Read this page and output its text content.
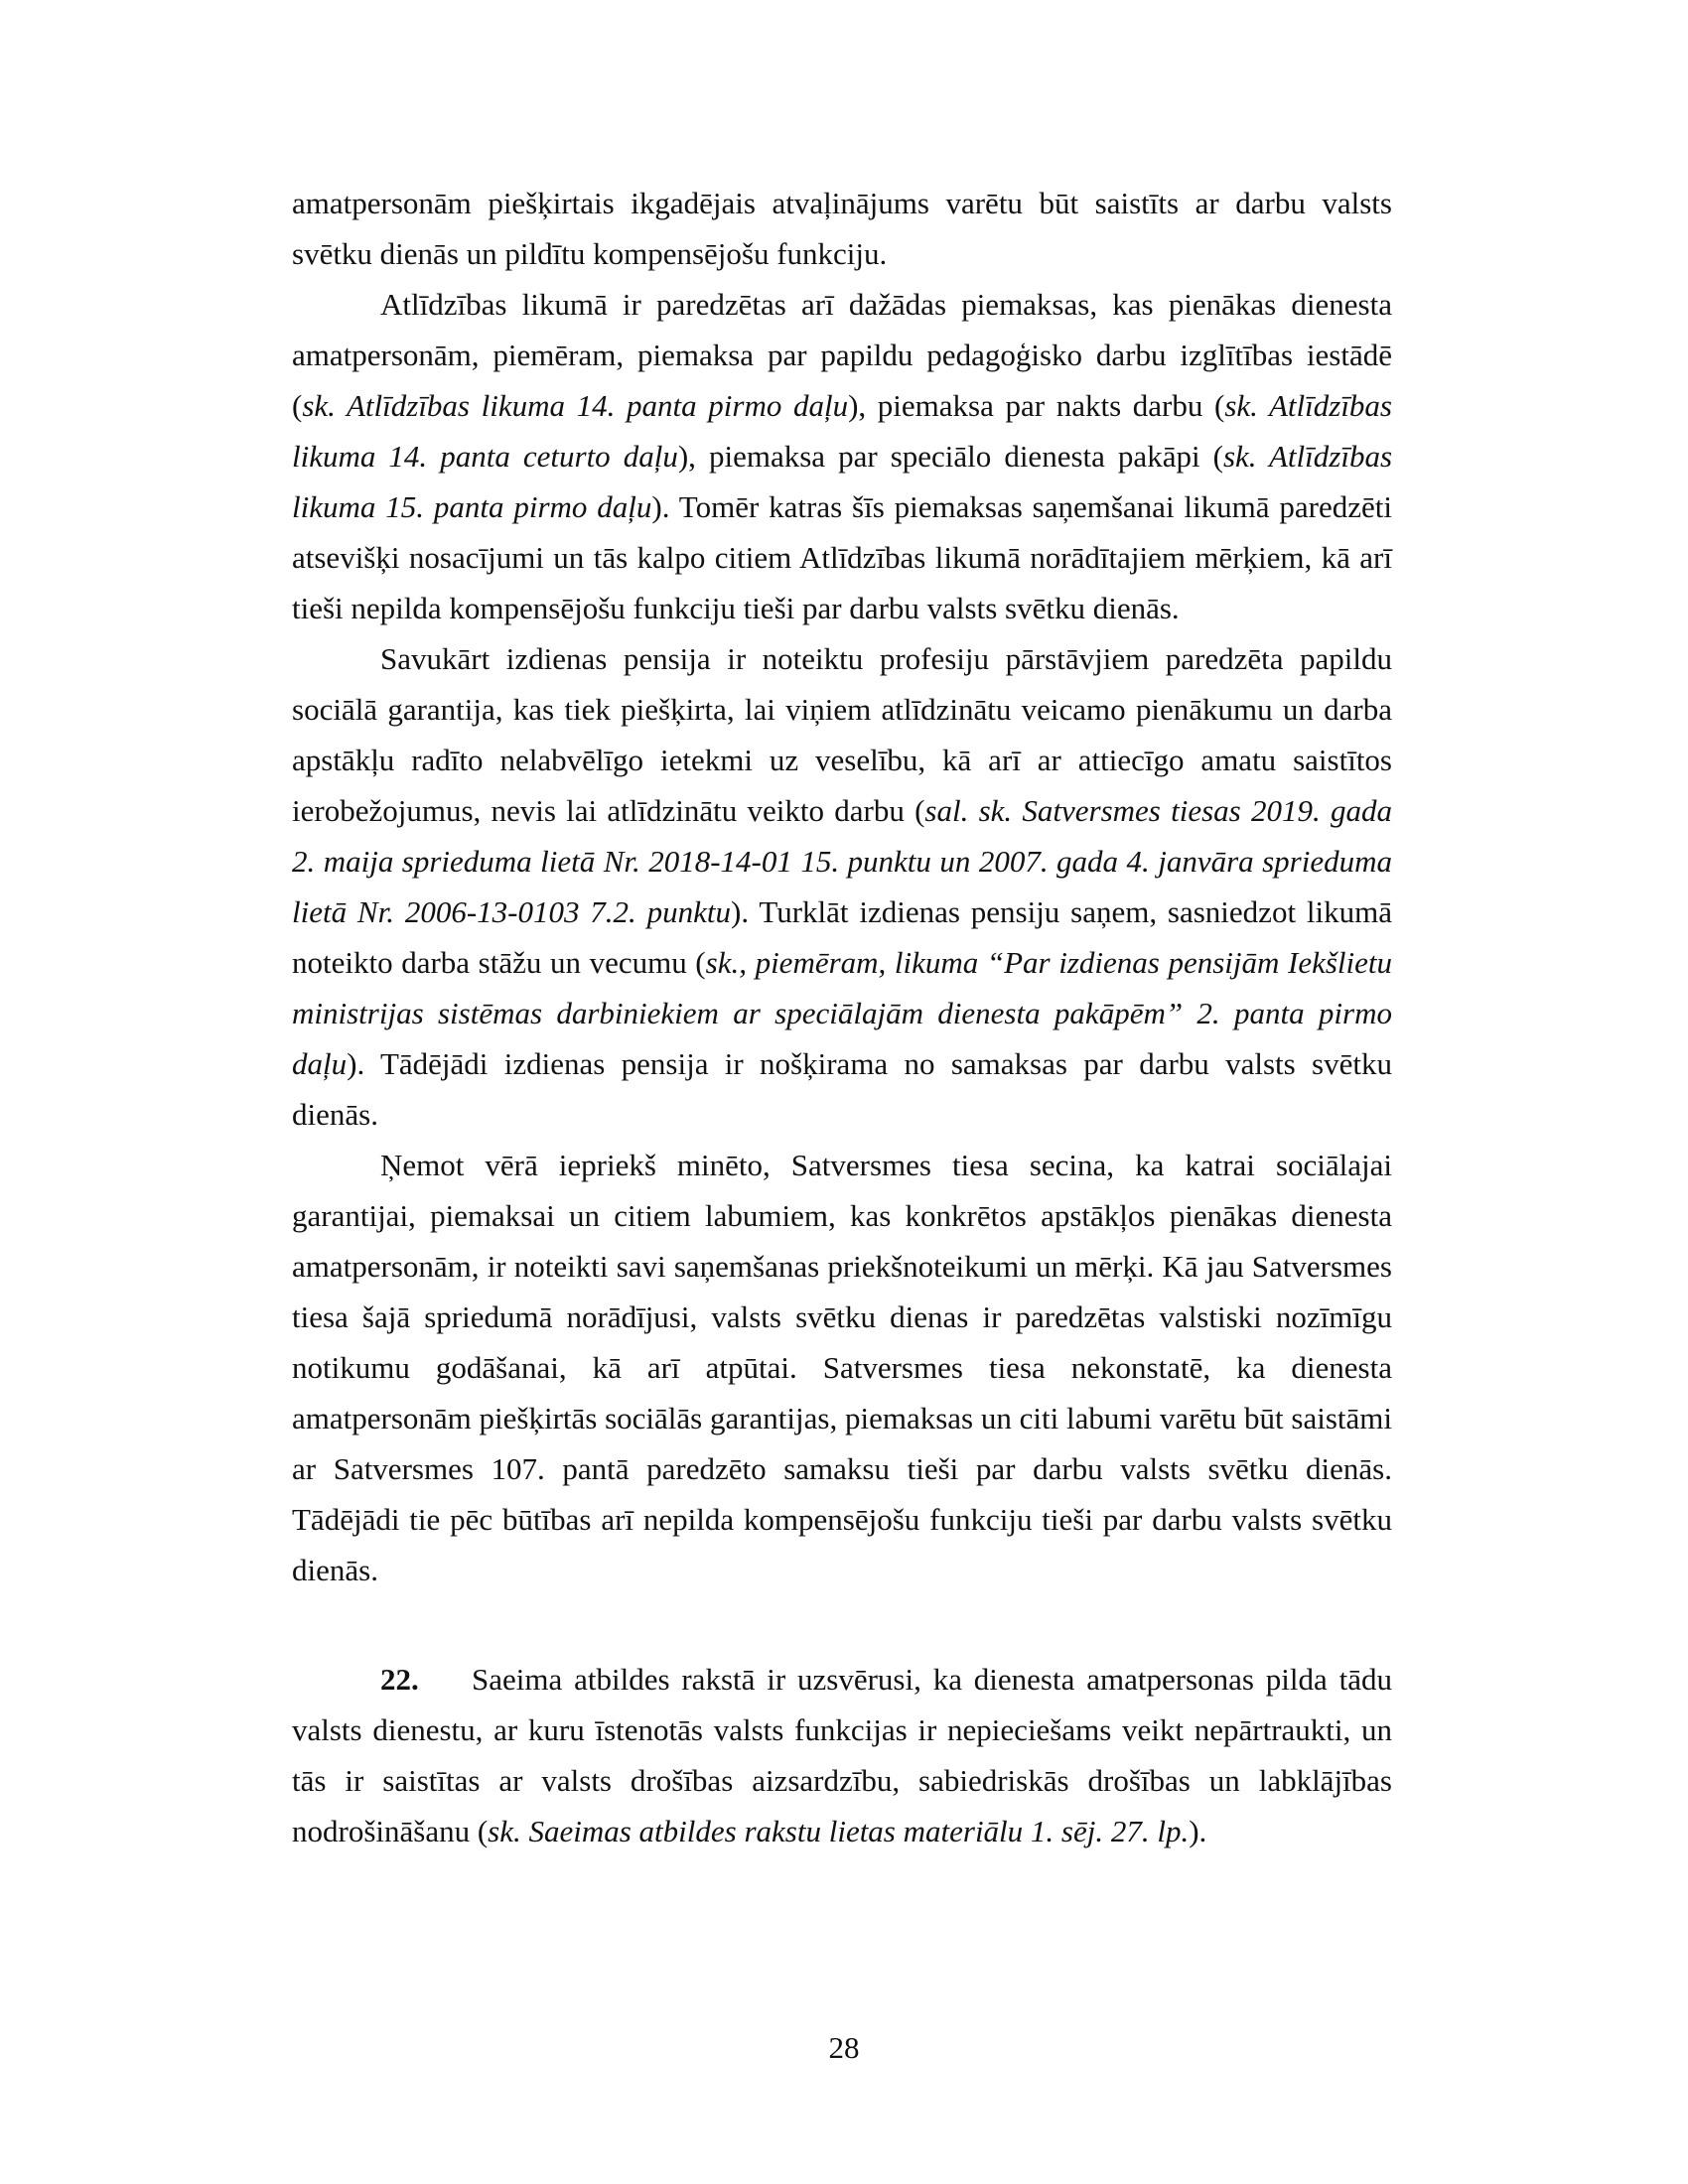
amatpersonām piešķirtais ikgadējais atvaļinājums varētu būt saistīts ar darbu valsts svētku dienās un pildītu kompensējošu funkciju.

Atlīdzības likumā ir paredzētas arī dažādas piemaksas, kas pienākas dienesta amatpersonām, piemēram, piemaksa par papildu pedagoģisko darbu izglītības iestādē (sk. Atlīdzības likuma 14. panta pirmo daļu), piemaksa par nakts darbu (sk. Atlīdzības likuma 14. panta ceturto daļu), piemaksa par speciālo dienesta pakāpi (sk. Atlīdzības likuma 15. panta pirmo daļu). Tomēr katras šīs piemaksas saņemšanai likumā paredzēti atsevišķi nosacījumi un tās kalpo citiem Atlīdzības likumā norādītajiem mērķiem, kā arī tieši nepilda kompensējošu funkciju tieši par darbu valsts svētku dienās.

Savukārt izdienas pensija ir noteiktu profesiju pārstāvjiem paredzēta papildu sociālā garantija, kas tiek piešķirta, lai viņiem atlīdzinātu veicamo pienākumu un darba apstākļu radīto nelabvēlīgo ietekmi uz veselību, kā arī ar attiecīgo amatu saistītos ierobežojumus, nevis lai atlīdzinātu veikto darbu (sal. sk. Satversmes tiesas 2019. gada 2. maija sprieduma lietā Nr. 2018-14-01 15. punktu un 2007. gada 4. janvāra sprieduma lietā Nr. 2006-13-0103 7.2. punktu). Turklāt izdienas pensiju saņem, sasniedzot likumā noteikto darba stāžu un vecumu (sk., piemēram, likuma “Par izdienas pensijām Iekšlietu ministrijas sistēmas darbiniekiem ar speciālajām dienesta pakāpēm” 2. panta pirmo daļu). Tādējādi izdienas pensija ir nošķirama no samaksas par darbu valsts svētku dienās.

Ņemot vērā iepriekš minēto, Satversmes tiesa secina, ka katrai sociālajai garantijai, piemaksai un citiem labumiem, kas konkrētos apstākļos pienākas dienesta amatpersonām, ir noteikti savi saņemšanas priekšnoteikumi un mērķi. Kā jau Satversmes tiesa šajā spriedumā norādījusi, valsts svētku dienas ir paredzētas valstiski nozīmīgu notikumu godāšanai, kā arī atpūtai. Satversmes tiesa nekonstatē, ka dienesta amatpersonām piešķirtās sociālās garantijas, piemaksas un citi labumi varētu būt saistāmi ar Satversmes 107. pantā paredzēto samaksu tieši par darbu valsts svētku dienās. Tādējādi tie pēc būtības arī nepilda kompensējošu funkciju tieši par darbu valsts svētku dienās.

22. Saeima atbildes rakstā ir uzsvērusi, ka dienesta amatpersonas pilda tādu valsts dienestu, ar kuru īstenotās valsts funkcijas ir nepieciešams veikt nepārtraukti, un tās ir saistītas ar valsts drošības aizsardzību, sabiedriskās drošības un labklājības nodrošināšanu (sk. Saeimas atbildes rakstu lietas materiālu 1. sēj. 27. lp.).

28
